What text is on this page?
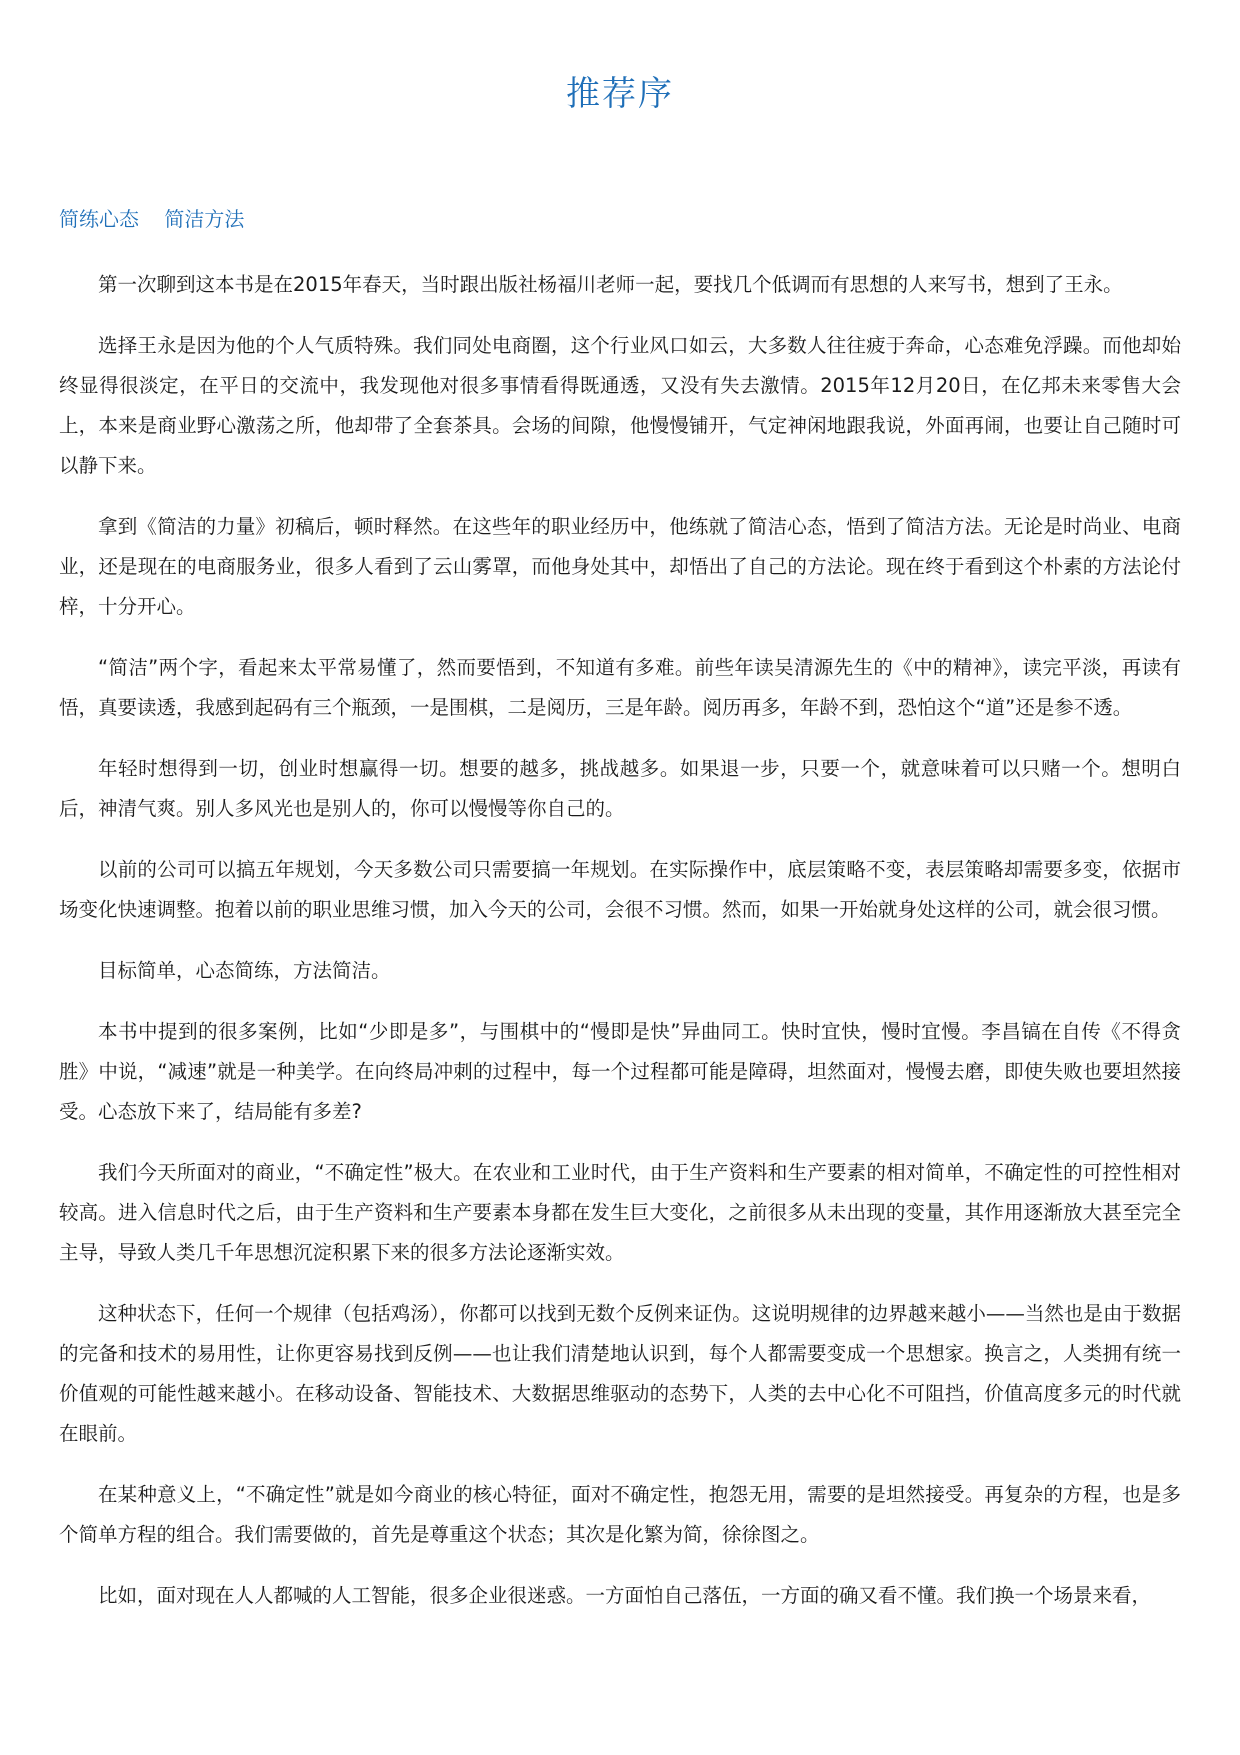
推荐序
简练心态    简洁方法

第一次聊到这本书是在2015年春天，当时跟出版社杨福川老师一起，要找几个低调而有思想的人来写书，想到了王永。

选择王永是因为他的个人气质特殊。我们同处电商圈，这个行业风口如云，大多数人往往疲于奔命，心态难免浮躁。而他却始终显得很淡定，在平日的交流中，我发现他对很多事情看得既通透，又没有失去激情。2015年12月20日，在亿邦未来零售大会上，本来是商业野心激荡之所，他却带了全套茶具。会场的间隙，他慢慢铺开，气定神闲地跟我说，外面再闹，也要让自己随时可以静下来。

拿到《简洁的力量》初稿后，顿时释然。在这些年的职业经历中，他练就了简洁心态，悟到了简洁方法。无论是时尚业、电商业，还是现在的电商服务业，很多人看到了云山雾罩，而他身处其中，却悟出了自己的方法论。现在终于看到这个朴素的方法论付梓，十分开心。

“简洁”两个字，看起来太平常易懂了，然而要悟到，不知道有多难。前些年读吴清源先生的《中的精神》，读完平淡，再读有悟，真要读透，我感到起码有三个瓶颈，一是围棋，二是阅历，三是年龄。阅历再多，年龄不到，恐怕这个“道”还是参不透。

年轻时想得到一切，创业时想赢得一切。想要的越多，挑战越多。如果退一步，只要一个，就意味着可以只赌一个。想明白后，神清气爽。别人多风光也是别人的，你可以慢慢等你自己的。

以前的公司可以搞五年规划，今天多数公司只需要搞一年规划。在实际操作中，底层策略不变，表层策略却需要多变，依据市场变化快速调整。抱着以前的职业思维习惯，加入今天的公司，会很不习惯。然而，如果一开始就身处这样的公司，就会很习惯。

目标简单，心态简练，方法简洁。

本书中提到的很多案例，比如“少即是多”，与围棋中的“慢即是快”异曲同工。快时宜快，慢时宜慢。李昌镐在自传《不得贪胜》中说，“减速”就是一种美学。在向终局冲刺的过程中，每一个过程都可能是障碍，坦然面对，慢慢去磨，即使失败也要坦然接受。心态放下来了，结局能有多差?

我们今天所面对的商业，“不确定性”极大。在农业和工业时代，由于生产资料和生产要素的相对简单，不确定性的可控性相对较高。进入信息时代之后，由于生产资料和生产要素本身都在发生巨大变化，之前很多从未出现的变量，其作用逐渐放大甚至完全主导，导致人类几千年思想沉淀积累下来的很多方法论逐渐实效。

这种状态下，任何一个规律（包括鸡汤），你都可以找到无数个反例来证伪。这说明规律的边界越来越小——当然也是由于数据的完备和技术的易用性，让你更容易找到反例——也让我们清楚地认识到，每个人都需要变成一个思想家。换言之，人类拥有统一价值观的可能性越来越小。在移动设备、智能技术、大数据思维驱动的态势下，人类的去中心化不可阻挡，价值高度多元的时代就在眼前。

在某种意义上，“不确定性”就是如今商业的核心特征，面对不确定性，抱怨无用，需要的是坦然接受。再复杂的方程，也是多个简单方程的组合。我们需要做的，首先是尊重这个状态；其次是化繁为简，徐徐图之。

比如，面对现在人人都喊的人工智能，很多企业很迷惑。一方面怕自己落伍，一方面的确又看不懂。我们换一个场景来看，
